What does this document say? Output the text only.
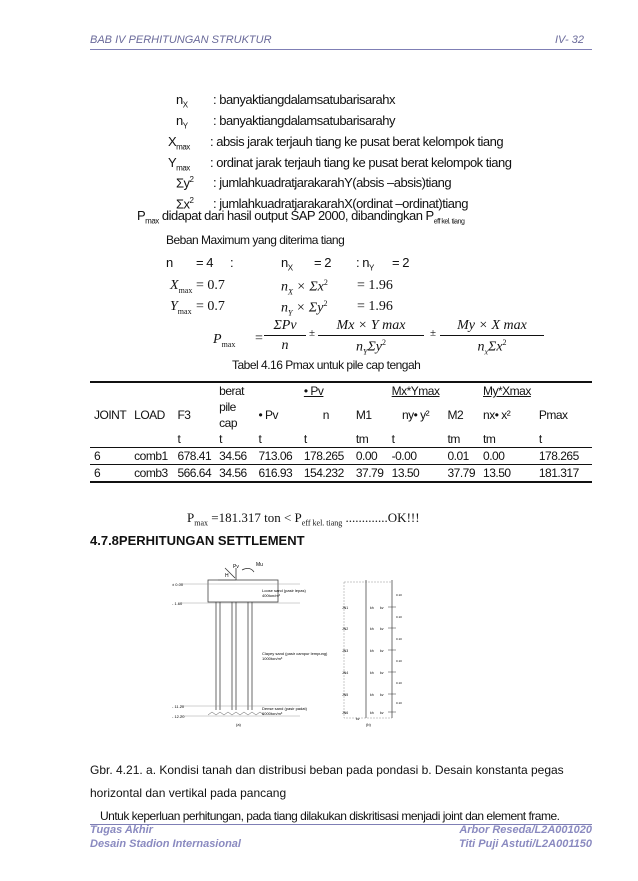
BAB IV PERHITUNGAN STRUKTUR	IV- 32
$n_X$ : banyaktiangdalamsatubarisarahx
$n_Y$ : banyaktiangdalamsatubarisarahy
$X_{max}$ : absis jarak terjauh tiang ke pusat berat kelompok tiang
$Y_{max}$ : ordinat jarak terjauh tiang ke pusat berat kelompok tiang
$\Sigma y^2$ : jumlahkuadratjarakarahY(absis –absis)tiang
$\Sigma x^2$ : jumlahkuadratjarakarahX(ordinat –ordinat)tiang
$P_{max}$ didapat dari hasil output SAP 2000, dibandingkan $P_{eff kel. tiang}$
Beban Maximum yang diterima tiang
n = 4 :	$n_X = 2$ : $n_Y = 2$
$X_{max} = 0.7$	$n_X \times \Sigma x^2 = 1.96$
$Y_{max} = 0.7$	$n_Y \times \Sigma y^2 = 1.96$
$P_{max}$ =
ΣPv
n
±	Mx × Y max
$n_Y\Sigma y^2$
±	My × X max
$n_x\Sigma x^2$
Tabel 4.16 Pmax untuk pile cap tengah
			berat		• Pv		Mx*Ymax		My*Xmax	
JOINT	LOAD	F3	pile	• Pv	n	M1	ny• y²	M2	nx• x²	Pmax
			cap							
		t	t	t	t	tm	t	tm	tm	t
6	comb1	678.41	34.56	713.06	178.265	0.00	-0.00	0.01	0.00	178.265
6	comb3	566.64	34.56	616.93	154.232	37.79	13.50	37.79	13.50	181.317
$P_{max} =181.317$ ton < $P_{eff kel. tiang}$ .............OK!!!
4.7.8PERHITUNGAN SETTLEMENT
Pv	Mu
H
± 0.00
- 1.60
Loose sand (pasir lepas)
400ton/m³
Clayey sand (pasir campur lempung)
1000ton/m³
Dense sand (pasir padat)
6000ton/m³
- 11.20
- 12.20
(a)
JN1
JN2
JN3
JN4
JN5
JN6
kh kv
kh kv
kh kv
kh kv
kh kv
kh kv
0.10
0.10
0.10
0.10
0.10
0.10
kv
(b)
Gbr. 4.21. a. Kondisi tanah dan distribusi beban pada pondasi b. Desain konstanta pegas
horizontal dan vertikal pada pancang
Untuk keperluan perhitungan, pada tiang dilakukan diskritisasi menjadi joint dan element frame.
Tugas Akhir
Desain Stadion Internasional
Arbor Reseda/L2A001020
Titi Puji Astuti/L2A001150
